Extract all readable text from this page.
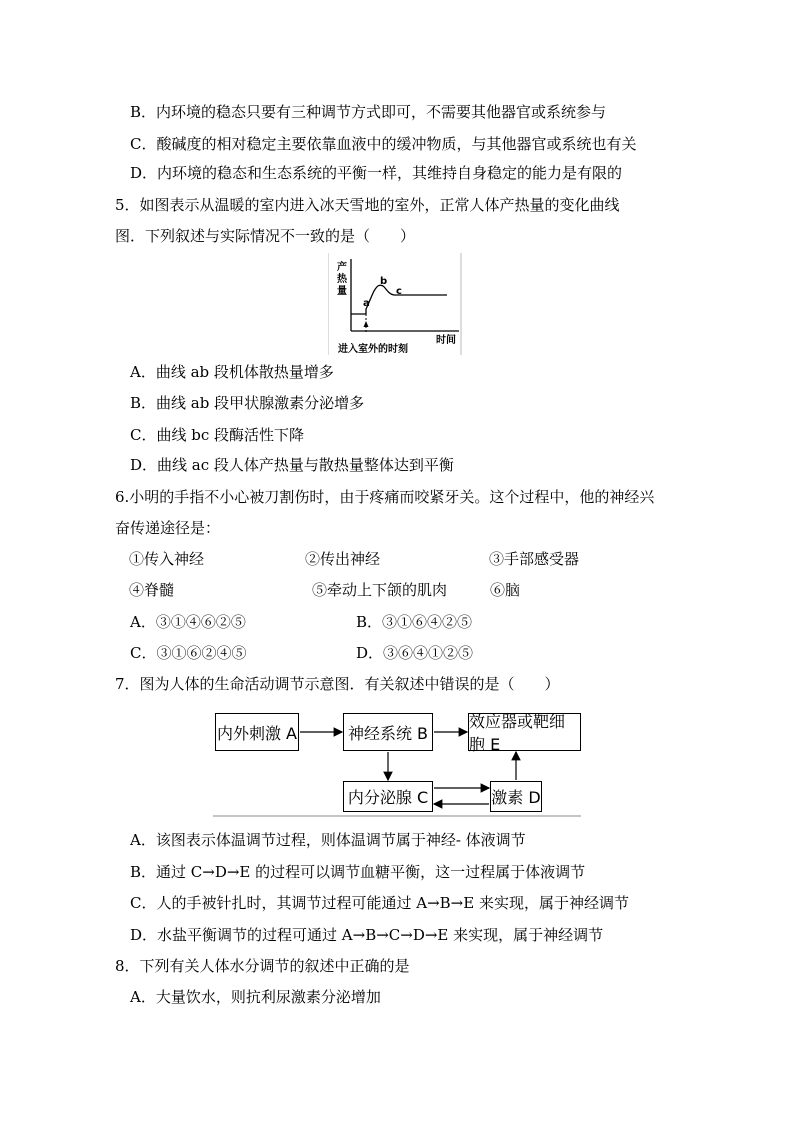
B．内环境的稳态只要有三种调节方式即可，不需要其他器官或系统参与
C．酸碱度的相对稳定主要依靠血液中的缓冲物质，与其他器官或系统也有关
D．内环境的稳态和生态系统的平衡一样，其维持自身稳定的能力是有限的
5．如图表示从温暖的室内进入冰天雪地的室外，正常人体产热量的变化曲线
图．下列叙述与实际情况不一致的是（　　）
产
热
量
a
b
c
时间
进入室外的时刻
A．曲线 ab 段机体散热量增多
B．曲线 ab 段甲状腺激素分泌增多
C．曲线 bc 段酶活性下降
D．曲线 ac 段人体产热量与散热量整体达到平衡
6.小明的手指不小心被刀割伤时，由于疼痛而咬紧牙关。这个过程中，他的神经兴
奋传递途径是：
①传入神经	②传出神经	③手部感受器
④脊髓	⑤牵动上下颌的肌肉	⑥脑
A．③①④⑥②⑤	B．③①⑥④②⑤
C．③①⑥②④⑤	D．③⑥④①②⑤
7．图为人体的生命活动调节示意图．有关叙述中错误的是（　　）
内外刺激 A	神经系统 B
效应器或靶细胞 E
内分泌腺 C	激素 D
A．该图表示体温调节过程，则体温调节属于神经- 体液调节
B．通过 C→D→E 的过程可以调节血糖平衡，这一过程属于体液调节
C．人的手被针扎时，其调节过程可能通过 A→B→E 来实现，属于神经调节
D．水盐平衡调节的过程可通过 A→B→C→D→E 来实现，属于神经调节
8．下列有关人体水分调节的叙述中正确的是
A．大量饮水，则抗利尿激素分泌增加
